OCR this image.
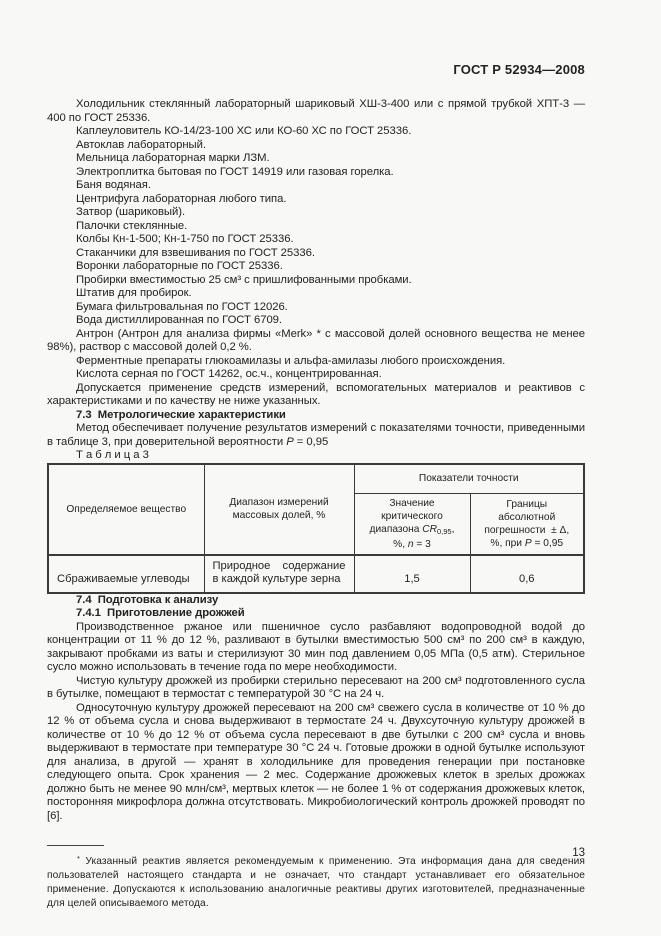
ГОСТ Р 52934—2008

Холодильник стеклянный лабораторный шариковый ХШ-3-400 или с прямой трубкой ХПТ-3 — 400 по ГОСТ 25336.

Каплеуловитель КО-14/23-100 ХС или КО-60 ХС по ГОСТ 25336.

Автоклав лабораторный.

Мельница лабораторная марки ЛЗМ.

Электроплитка бытовая по ГОСТ 14919 или газовая горелка.

Баня водяная.

Центрифуга лабораторная любого типа.

Затвор (шариковый).

Палочки стеклянные.

Колбы Кн-1-500; Кн-1-750 по ГОСТ 25336.

Стаканчики для взвешивания по ГОСТ 25336.

Воронки лабораторные по ГОСТ 25336.

Пробирки вместимостью 25 см³ с пришлифованными пробками.

Штатив для пробирок.

Бумага фильтровальная по ГОСТ 12026.

Вода дистиллированная по ГОСТ 6709.

Антрон (Антрон для анализа фирмы «Merk» * с массовой долей основного вещества не менее 98%), раствор с массовой долей 0,2 %.

Ферментные препараты глюкоамилазы и альфа-амилазы любого происхождения.

Кислота серная по ГОСТ 14262, ос.ч., концентрированная.

Допускается применение средств измерений, вспомогательных материалов и реактивов с характеристиками и по качеству не ниже указанных.

7.3  Метрологические характеристики

Метод обеспечивает получение результатов измерений с показателями точности, приведенными в таблице 3, при доверительной вероятности P = 0,95

Т а б л и ц а 3

Определяемое вещество	Диапазон измерений массовых долей, %	Показатели точности	
		Значение критического диапазона $CR_{0,95}$, %, n = 3	Границы абсолютной погрешности  ± Δ, %, при P = 0,95
Сбраживаемые углеводы	Природное содержание в каждой культуре зерна	1,5	0,6

7.4  Подготовка к анализу

7.4.1  Приготовление дрожжей

Производственное ржаное или пшеничное сусло разбавляют водопроводной водой до концентрации от 11 % до 12 %, разливают в бутылки вместимостью 500 см³ по 200 см³ в каждую, закрывают пробками из ваты и стерилизуют 30 мин под давлением 0,05 МПа (0,5 атм). Стерильное сусло можно использовать в течение года по мере необходимости.

Чистую культуру дрожжей из пробирки стерильно пересевают на 200 см³ подготовленного сусла в бутылке, помещают в термостат с температурой 30 °С на 24 ч.

Односуточную культуру дрожжей пересевают на 200 см³ свежего сусла в количестве от 10 % до 12 % от объема сусла и снова выдерживают в термостате 24 ч. Двухсуточную культуру дрожжей в количестве от 10 % до 12 % от объема сусла пересевают в две бутылки с 200 см³ сусла и вновь выдерживают в термостате при температуре 30 °С 24 ч. Готовые дрожжи в одной бутылке используют для анализа, в другой — хранят в холодильнике для проведения генерации при постановке следующего опыта. Срок хранения — 2 мес. Содержание дрожжевых клеток в зрелых дрожжах должно быть не менее 90 млн/см³, мертвых клеток — не более 1 % от содержания дрожжевых клеток, посторонняя микрофлора должна отсутствовать. Микробиологический контроль дрожжей проводят по [6].

* Указанный реактив является рекомендуемым к применению. Эта информация дана для сведения пользователей настоящего стандарта и не означает, что стандарт устанавливает его обязательное применение. Допускаются к использованию аналогичные реактивы других изготовителей, предназначенные для целей описываемого метода.

13
